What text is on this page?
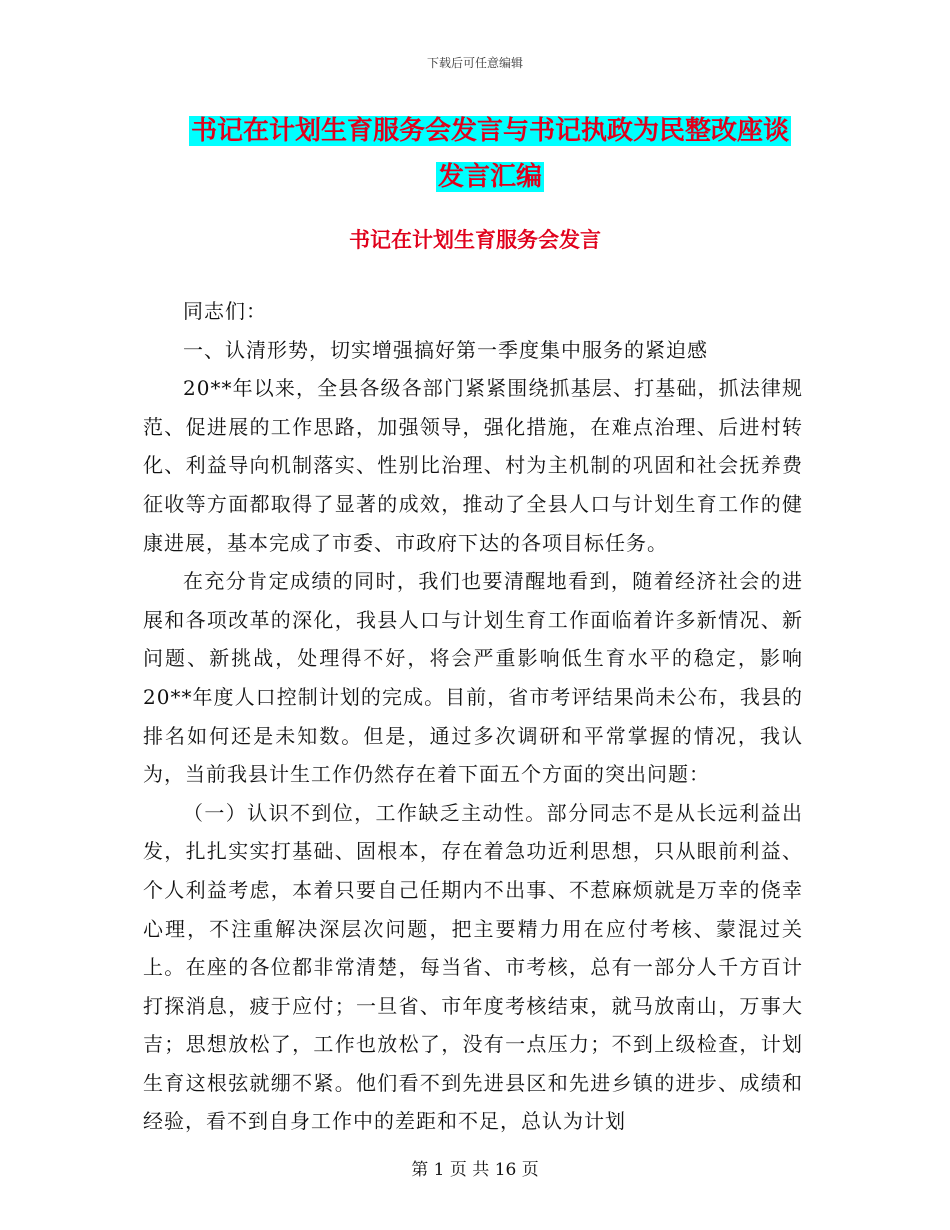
下载后可任意编辑
书记在计划生育服务会发言与书记执政为民整改座谈
发言汇编
书记在计划生育服务会发言

同志们：

一、认清形势，切实增强搞好第一季度集中服务的紧迫感

20**年以来，全县各级各部门紧紧围绕抓基层、打基础，抓法律规范、促进展的工作思路，加强领导，强化措施，在难点治理、后进村转化、利益导向机制落实、性别比治理、村为主机制的巩固和社会抚养费征收等方面都取得了显著的成效，推动了全县人口与计划生育工作的健康进展，基本完成了市委、市政府下达的各项目标任务。

在充分肯定成绩的同时，我们也要清醒地看到，随着经济社会的进展和各项改革的深化，我县人口与计划生育工作面临着许多新情况、新问题、新挑战，处理得不好，将会严重影响低生育水平的稳定，影响20**年度人口控制计划的完成。目前，省市考评结果尚未公布，我县的排名如何还是未知数。但是，通过多次调研和平常掌握的情况，我认为，当前我县计生工作仍然存在着下面五个方面的突出问题：

（一）认识不到位，工作缺乏主动性。部分同志不是从长远利益出发，扎扎实实打基础、固根本，存在着急功近利思想，只从眼前利益、个人利益考虑，本着只要自己任期内不出事、不惹麻烦就是万幸的侥幸心理，不注重解决深层次问题，把主要精力用在应付考核、蒙混过关上。在座的各位都非常清楚，每当省、市考核，总有一部分人千方百计打探消息，疲于应付；一旦省、市年度考核结束，就马放南山，万事大吉；思想放松了，工作也放松了，没有一点压力；不到上级检查，计划生育这根弦就绷不紧。他们看不到先进县区和先进乡镇的进步、成绩和经验，看不到自身工作中的差距和不足，总认为计划

第 1 页 共 16 页
